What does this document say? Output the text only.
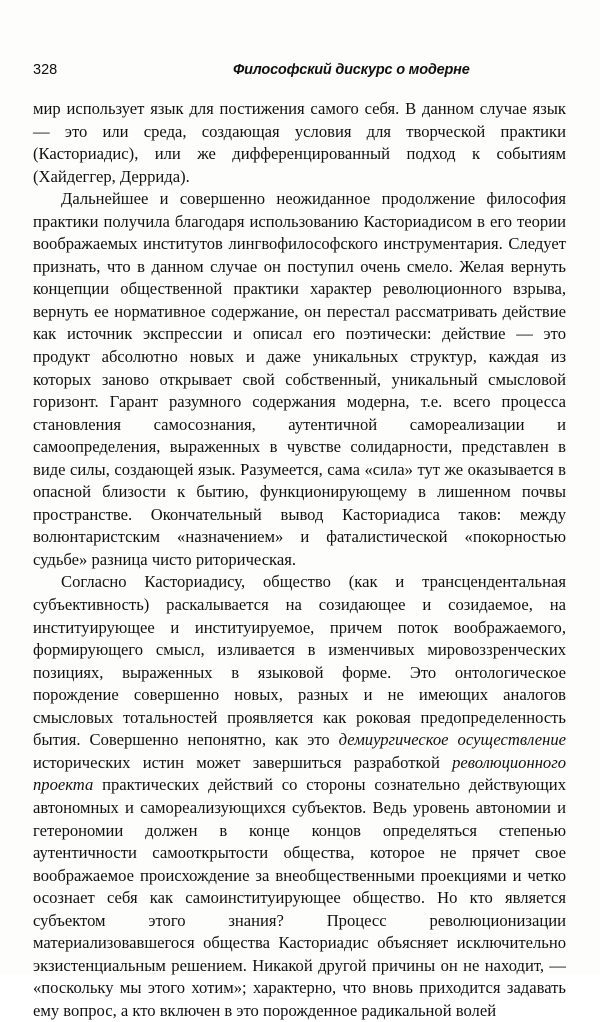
328	Философский дискурс о модерне

мир использует язык для постижения самого себя. В данном случае язык — это или среда, создающая условия для творческой практики (Касториадис), или же дифференцированный подход к событиям (Хайдеггер, Деррида).

Дальнейшее и совершенно неожиданное продолжение философия практики получила благодаря использованию Касториадисом в его теории воображаемых институтов лингвофилософского инструментария. Следует признать, что в данном случае он поступил очень смело. Желая вернуть концепции общественной практики характер революционного взрыва, вернуть ее нормативное содержание, он перестал рассматривать действие как источник экспрессии и описал его поэтически: действие — это продукт абсолютно новых и даже уникальных структур, каждая из которых заново открывает свой собственный, уникальный смысловой горизонт. Гарант разумного содержания модерна, т.е. всего процесса становления самосознания, аутентичной самореализации и самоопределения, выраженных в чувстве солидарности, представлен в виде силы, создающей язык. Разумеется, сама «сила» тут же оказывается в опасной близости к бытию, функционирующему в лишенном почвы пространстве. Окончательный вывод Касториадиса таков: между волюнтаристским «назначением» и фаталистической «покорностью судьбе» разница чисто риторическая.

Согласно Касториадису, общество (как и трансцендентальная субъективность) раскалывается на созидающее и созидаемое, на институирующее и институируемое, причем поток воображаемого, формирующего смысл, изливается в изменчивых мировоззренческих позициях, выраженных в языковой форме. Это онтологическое порождение совершенно новых, разных и не имеющих аналогов смысловых тотальностей проявляется как роковая предопределенность бытия. Совершенно непонятно, как это демиургическое осуществление исторических истин может завершиться разработкой революционного проекта практических действий со стороны сознательно действующих автономных и самореализующихся субъектов. Ведь уровень автономии и гетерономии должен в конце концов определяться степенью аутентичности самооткрытости общества, которое не прячет свое воображаемое происхождение за внеобщественными проекциями и четко осознает себя как самоинституирующее общество. Но кто является субъектом этого знания? Процесс революционизации материализовавшегося общества Касториадис объясняет исключительно экзистенциальным решением. Никакой другой причины он не находит, — «поскольку мы этого хотим»; характерно, что вновь приходится задавать ему вопрос, а кто включен в это порожденное радикальной волей
